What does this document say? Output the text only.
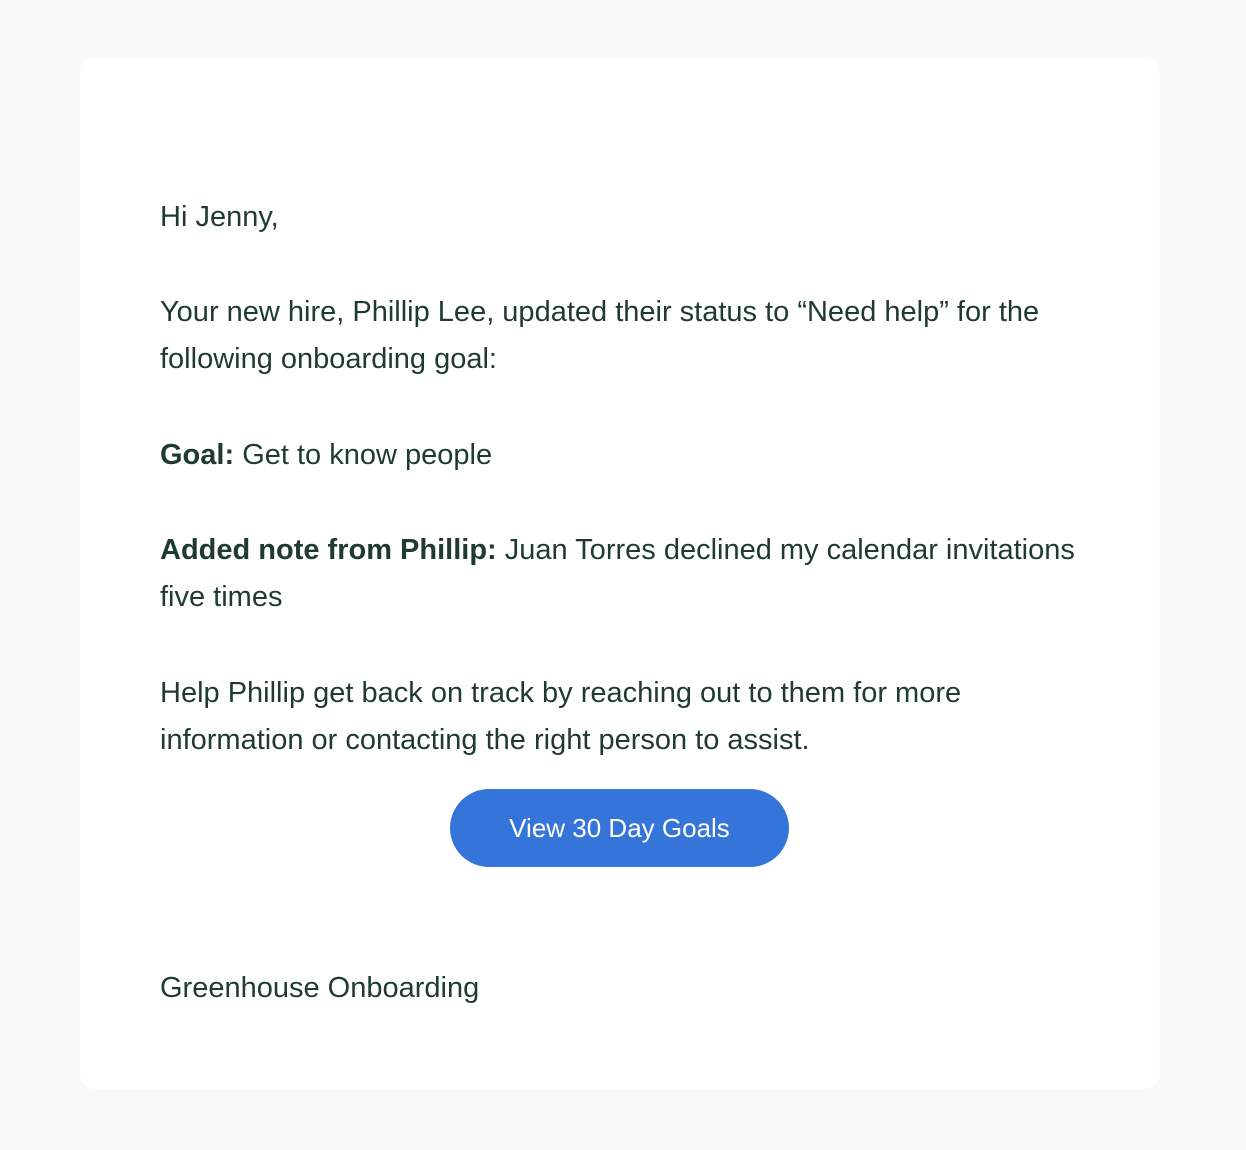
Hi Jenny,

Your new hire, Phillip Lee, updated their status to “Need help” for the following onboarding goal:

Goal: Get to know people

Added note from Phillip: Juan Torres declined my calendar invitations five times

Help Phillip get back on track by reaching out to them for more information or contacting the right person to assist.

View 30 Day Goals

Greenhouse Onboarding
